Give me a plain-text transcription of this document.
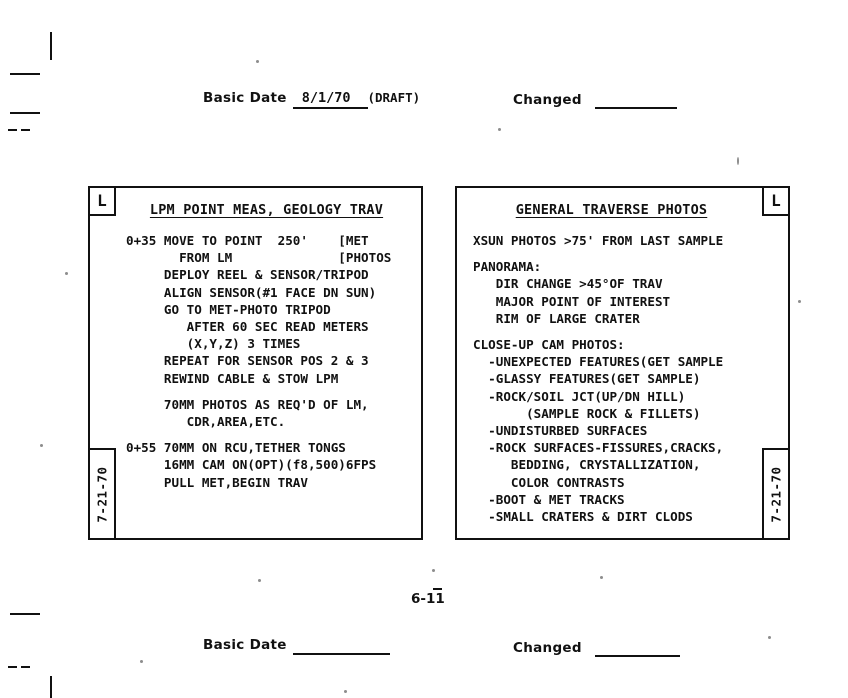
Basic Date 8/1/70 (DRAFT)	Changed
L
7-21-70
LPM POINT MEAS, GEOLOGY TRAV
0+35 MOVE TO POINT  250'    [MET
FROM LM              [PHOTOS
DEPLOY REEL & SENSOR/TRIPOD
ALIGN SENSOR(#1 FACE DN SUN)
GO TO MET-PHOTO TRIPOD
AFTER 60 SEC READ METERS
(X,Y,Z) 3 TIMES
REPEAT FOR SENSOR POS 2 & 3
REWIND CABLE & STOW LPM
70MM PHOTOS AS REQ'D OF LM,
CDR,AREA,ETC.
0+55 70MM ON RCU,TETHER TONGS
16MM CAM ON(OPT)(f8,500)6FPS
PULL MET,BEGIN TRAV
L
7-21-70
GENERAL TRAVERSE PHOTOS
XSUN PHOTOS >75' FROM LAST SAMPLE
PANORAMA:
DIR CHANGE >45°OF TRAV
MAJOR POINT OF INTEREST
RIM OF LARGE CRATER
CLOSE-UP CAM PHOTOS:
-UNEXPECTED FEATURES(GET SAMPLE
-GLASSY FEATURES(GET SAMPLE)
-ROCK/SOIL JCT(UP/DN HILL)
(SAMPLE ROCK & FILLETS)
-UNDISTURBED SURFACES
-ROCK SURFACES-FISSURES,CRACKS,
BEDDING, CRYSTALLIZATION,
COLOR CONTRASTS
-BOOT & MET TRACKS
-SMALL CRATERS & DIRT CLODS
6-11
Basic Date	Changed
